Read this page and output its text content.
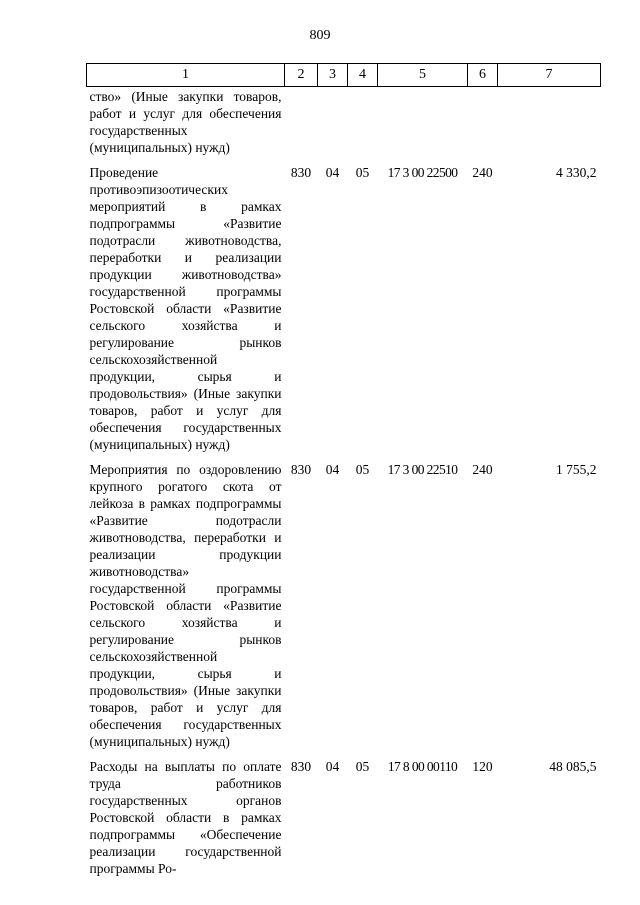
809
1	2	3	4	5	6	7
ство» (Иные закупки товаров, работ и услуг для обеспечения государственных (муниципальных) нужд)						
Проведение противоэпизоотических мероприятий в рамках подпрограммы «Развитие подотрасли животноводства, переработки и реализации продукции животноводства» государственной программы Ростовской области «Развитие сельского хозяйства и регулирование рынков сельскохозяйственной продукции, сырья и продовольствия» (Иные закупки товаров, работ и услуг для обеспечения государственных (муниципальных) нужд)	830	04	05	17 3 00 22500	240	4 330,2
Мероприятия по оздоровлению крупного рогатого скота от лейкоза в рамках подпрограммы «Развитие подотрасли животноводства, переработки и реализации продукции животноводства» государственной программы Ростовской области «Развитие сельского хозяйства и регулирование рынков сельскохозяйственной продукции, сырья и продовольствия» (Иные закупки товаров, работ и услуг для обеспечения государственных (муниципальных) нужд)	830	04	05	17 3 00 22510	240	1 755,2
Расходы на выплаты по оплате труда работников государственных органов Ростовской области в рамках подпрограммы «Обеспечение реализации государственной программы Ро-	830	04	05	17 8 00 00110	120	48 085,5
